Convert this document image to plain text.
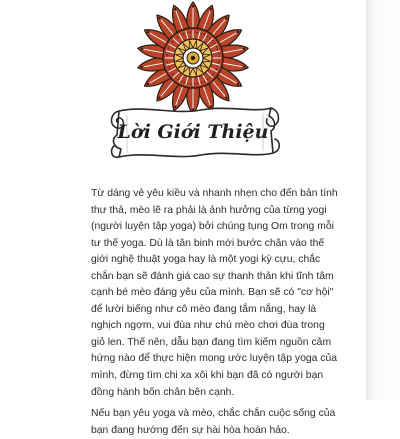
Lời Giới Thiệu

Từ dáng vẻ yêu kiều và nhanh nhẹn cho đến bản tính
thư thả, mèo lẽ ra phải là ảnh hưởng của từng yogi
(người luyện tập yoga) bởi chúng tụng Om trong mỗi
tư thế yoga. Dù là tân binh mới bước chân vào thế
giới nghệ thuật yoga hay là một yogi kỳ cựu, chắc
chắn bạn sẽ đánh giá cao sự thanh thản khi tĩnh tâm
cạnh bé mèo đáng yêu của mình. Bạn sẽ có "cơ hội"
để lười biếng như cô mèo đang tắm nắng, hay là
nghịch ngợm, vui đùa như chú mèo chơi đùa trong
giỏ len. Thế nên, dẫu bạn đang tìm kiếm nguồn cảm
hứng nào để thực hiện mong ước luyện tập yoga của
mình, đừng tìm chi xa xôi khi bạn đã có người bạn
đồng hành bốn chân bên cạnh.

Nếu bạn yêu yoga và mèo, chắc chắn cuộc sống của
bạn đang hướng đến sự hài hòa hoàn hảo.
